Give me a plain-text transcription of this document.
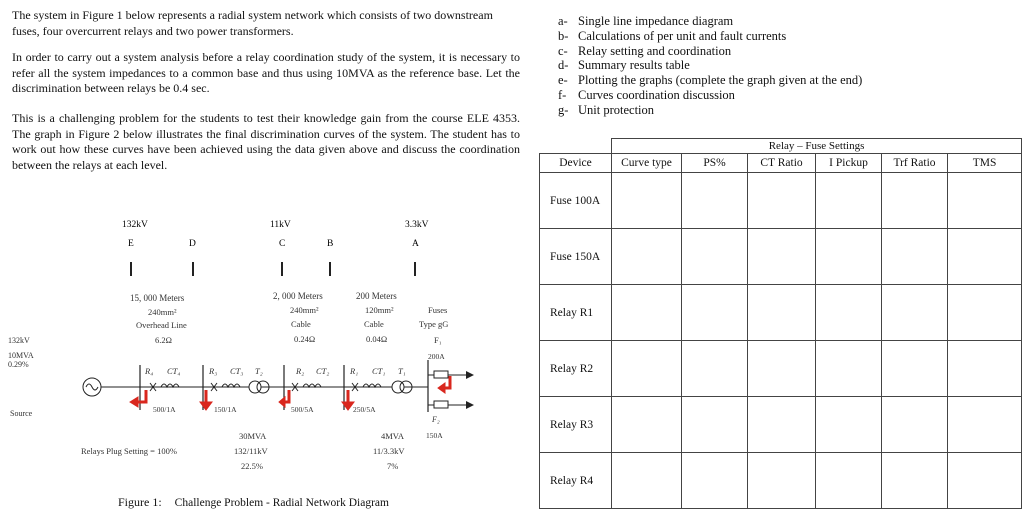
The system in Figure 1 below represents a radial system network which consists of two downstream fuses, four overcurrent relays and two power transformers.

In order to carry out a system analysis before a relay coordination study of the system, it is necessary to refer all the system impedances to a common base and thus using 10MVA as the reference base. Let the discrimination between relays be 0.4 sec.

This is a challenging problem for the students to test their knowledge gain from the course ELE 4353. The graph in Figure 2 below illustrates the final discrimination curves of the system. The student has to work out how these curves have been achieved using the data given above and discuss the coordination between the relays at each level.

a- Single line impedance diagram
b- Calculations of per unit and fault currents
c- Relay setting and coordination
d- Summary results table
e- Plotting the graphs (complete the graph given at the end)
f- Curves coordination discussion
g- Unit protection
	Relay – Fuse Settings					
Device	Curve type	PS%	CT Ratio	I Pickup	Trf Ratio	TMS
Fuse 100A						
Fuse 150A						
Relay R1						
Relay R2						
Relay R3						
Relay R4						
132kV	11kV	3.3kV
E	D	C	B	A
15, 000 Meters
240mm²
Overhead Line
6.2Ω
2, 000 Meters
240mm²
Cable
0.24Ω
200 Meters
120mm²
Cable
0.04Ω
Fuses
Type gG
F₁
200A
132kV
10MVA
0.29%
Source
R₄ CT₄	R₃ CT₃ T₂	R₂ CT₂ R₁ CT₁ T₁
F₂
150A
500/1A	150/1A	500/5A	250/5A
30MVA
132/11kV
22.5%
4MVA
11/3.3kV
7%
Relays Plug Setting = 100%
Figure 1: Challenge Problem - Radial Network Diagram
